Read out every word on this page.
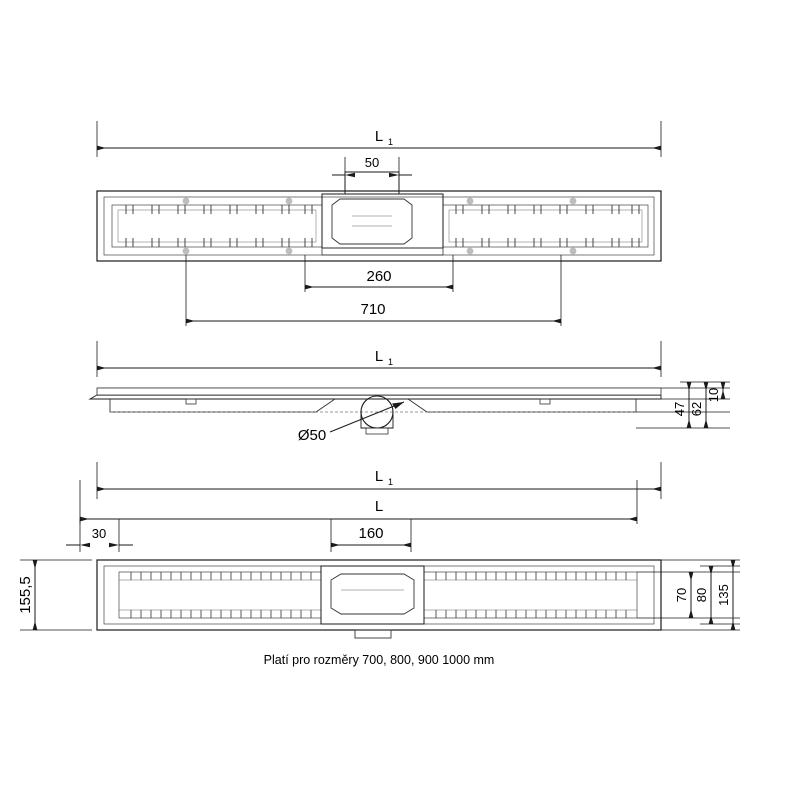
L 1
50
260
710
L 1
Ø50
47 62
10
L 1
L
30	160
155,5	70 80 135
Platí pro rozměry 700, 800, 900 1000 mm
